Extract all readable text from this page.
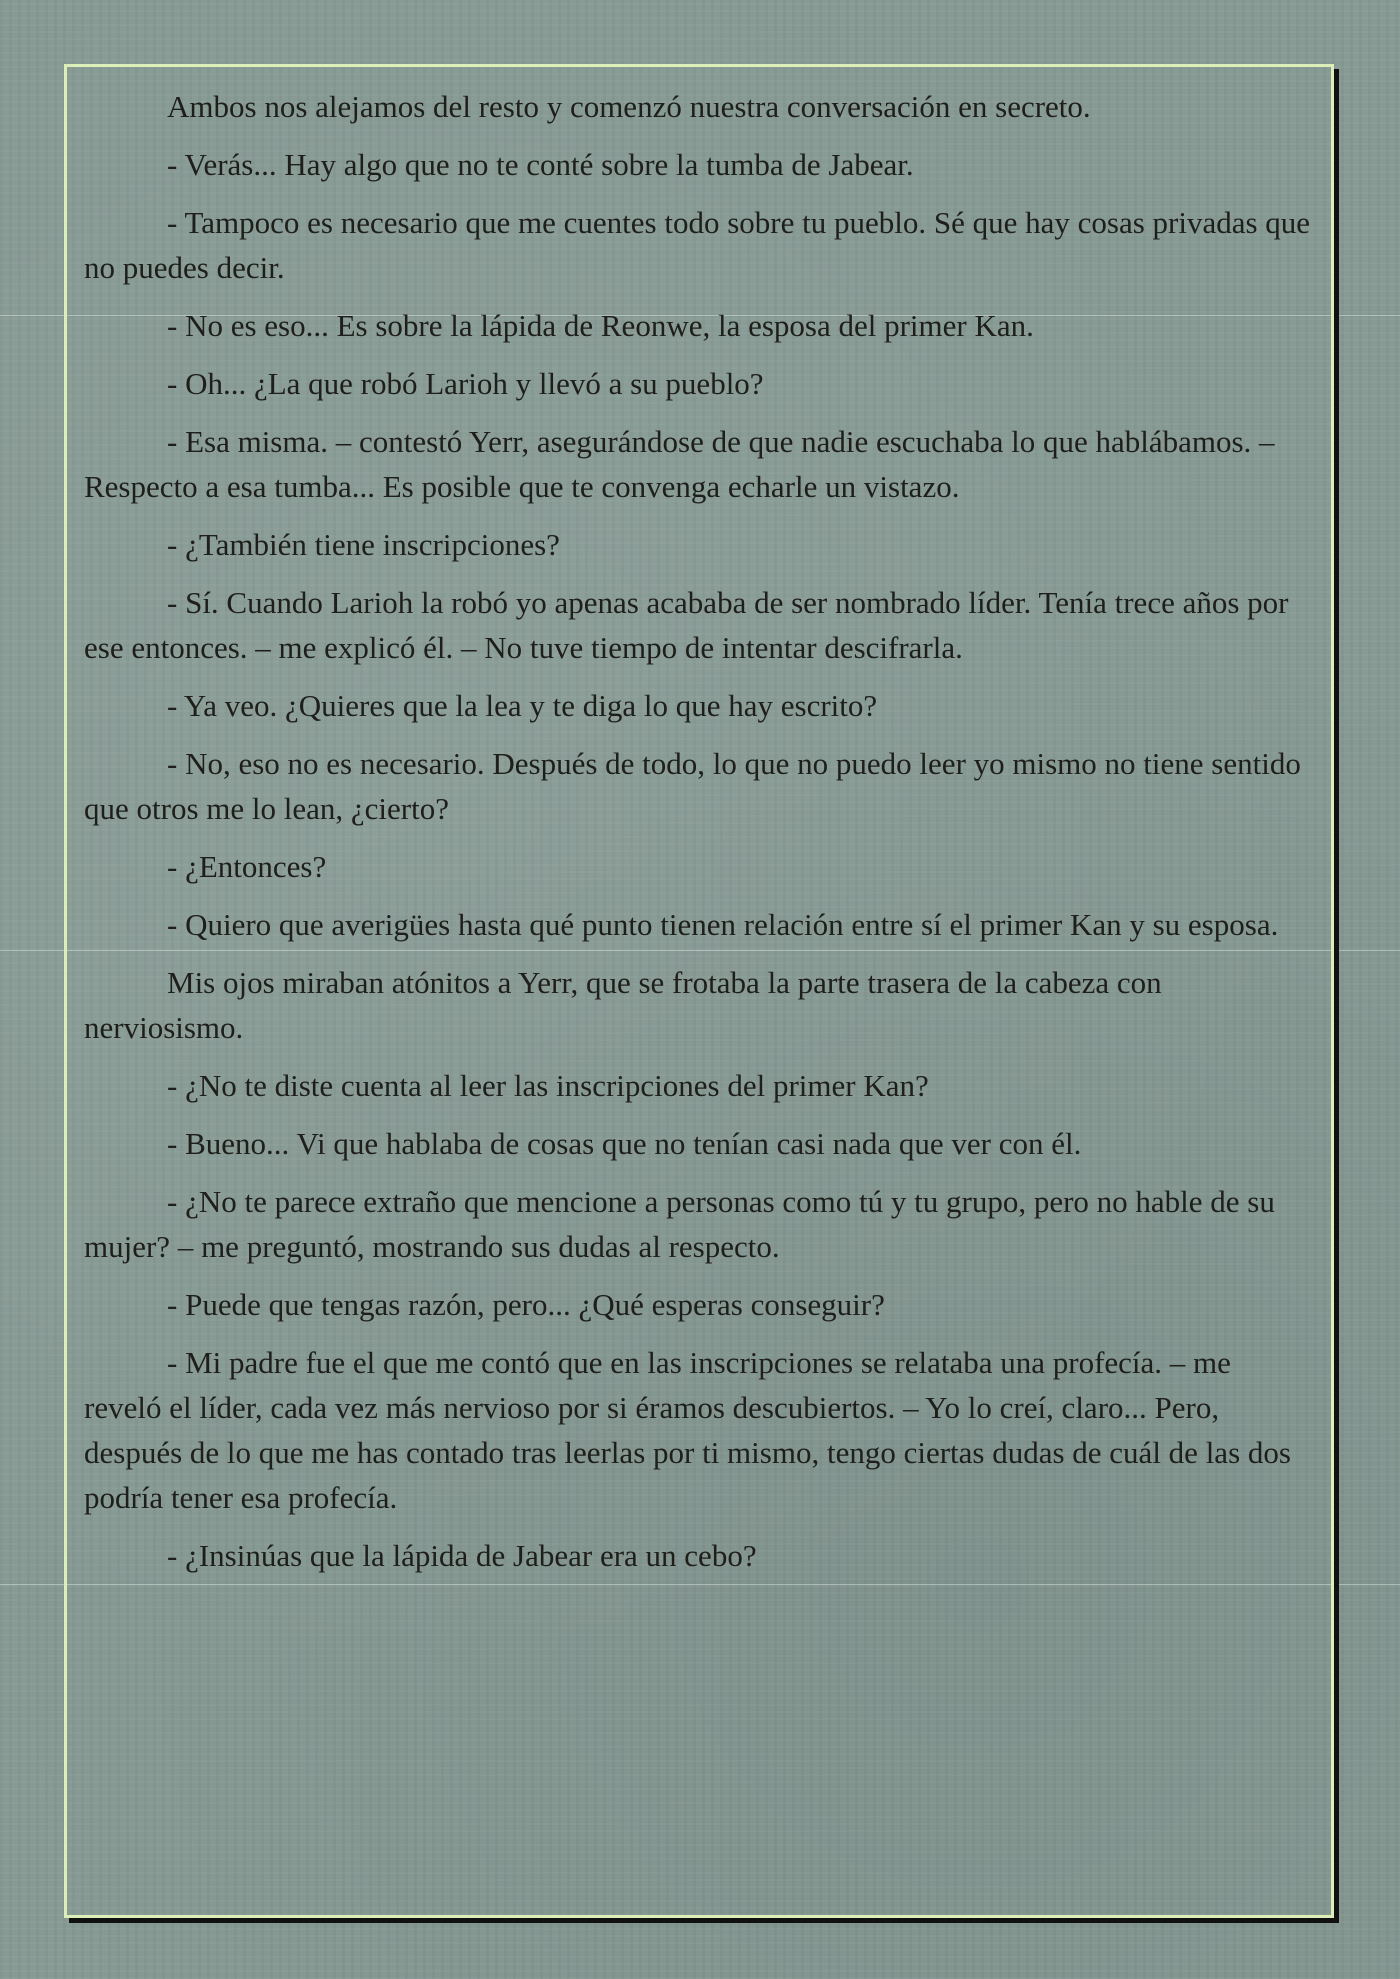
Ambos nos alejamos del resto y comenzó nuestra conversación en secreto.

- Verás... Hay algo que no te conté sobre la tumba de Jabear.

- Tampoco es necesario que me cuentes todo sobre tu pueblo. Sé que hay cosas privadas que no puedes decir.

- No es eso... Es sobre la lápida de Reonwe, la esposa del primer Kan.

- Oh... ¿La que robó Larioh y llevó a su pueblo?

- Esa misma. – contestó Yerr, asegurándose de que nadie escuchaba lo que hablábamos. – Respecto a esa tumba... Es posible que te convenga echarle un vistazo.

- ¿También tiene inscripciones?

- Sí. Cuando Larioh la robó yo apenas acababa de ser nombrado líder. Tenía trece años por ese entonces. – me explicó él. – No tuve tiempo de intentar descifrarla.

- Ya veo. ¿Quieres que la lea y te diga lo que hay escrito?

- No, eso no es necesario. Después de todo, lo que no puedo leer yo mismo no tiene sentido que otros me lo lean, ¿cierto?

- ¿Entonces?

- Quiero que averigües hasta qué punto tienen relación entre sí el primer Kan y su esposa.

Mis ojos miraban atónitos a Yerr, que se frotaba la parte trasera de la cabeza con nerviosismo.

- ¿No te diste cuenta al leer las inscripciones del primer Kan?

- Bueno... Vi que hablaba de cosas que no tenían casi nada que ver con él.

- ¿No te parece extraño que mencione a personas como tú y tu grupo, pero no hable de su mujer? – me preguntó, mostrando sus dudas al respecto.

- Puede que tengas razón, pero... ¿Qué esperas conseguir?

- Mi padre fue el que me contó que en las inscripciones se relataba una profecía. – me reveló el líder, cada vez más nervioso por si éramos descubiertos. – Yo lo creí, claro... Pero, después de lo que me has contado tras leerlas por ti mismo, tengo ciertas dudas de cuál de las dos podría tener esa profecía.

- ¿Insinúas que la lápida de Jabear era un cebo?
